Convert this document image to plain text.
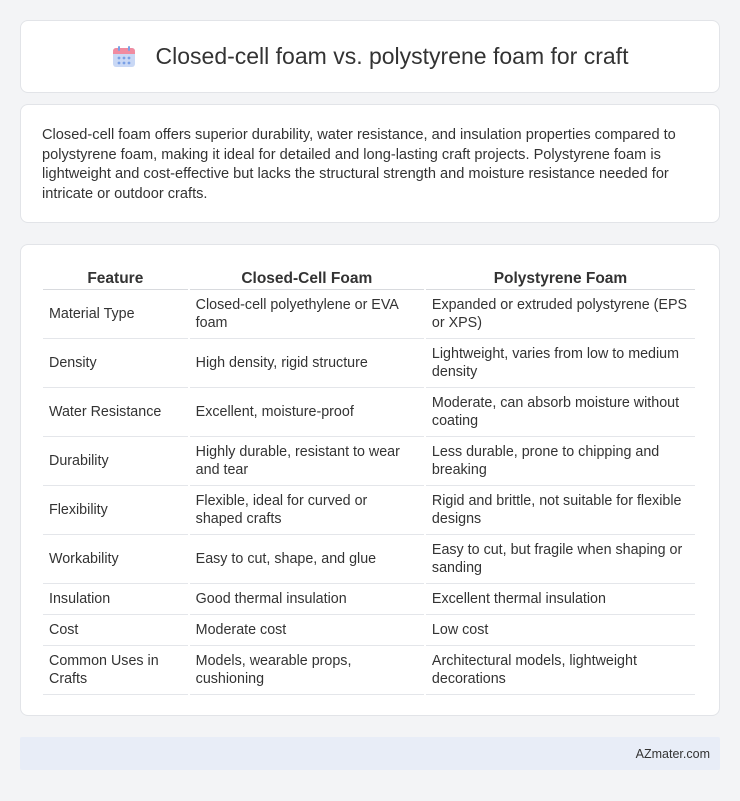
Closed-cell foam vs. polystyrene foam for craft

Closed-cell foam offers superior durability, water resistance, and insulation properties compared to polystyrene foam, making it ideal for detailed and long-lasting craft projects. Polystyrene foam is lightweight and cost-effective but lacks the structural strength and moisture resistance needed for intricate or outdoor crafts.

Feature	Closed-Cell Foam	Polystyrene Foam
Material Type	Closed-cell polyethylene or EVA foam	Expanded or extruded polystyrene (EPS or XPS)
Density	High density, rigid structure	Lightweight, varies from low to medium density
Water Resistance	Excellent, moisture-proof	Moderate, can absorb moisture without coating
Durability	Highly durable, resistant to wear and tear	Less durable, prone to chipping and breaking
Flexibility	Flexible, ideal for curved or shaped crafts	Rigid and brittle, not suitable for flexible designs
Workability	Easy to cut, shape, and glue	Easy to cut, but fragile when shaping or sanding
Insulation	Good thermal insulation	Excellent thermal insulation
Cost	Moderate cost	Low cost
Common Uses in Crafts	Models, wearable props, cushioning	Architectural models, lightweight decorations
AZmater.com
